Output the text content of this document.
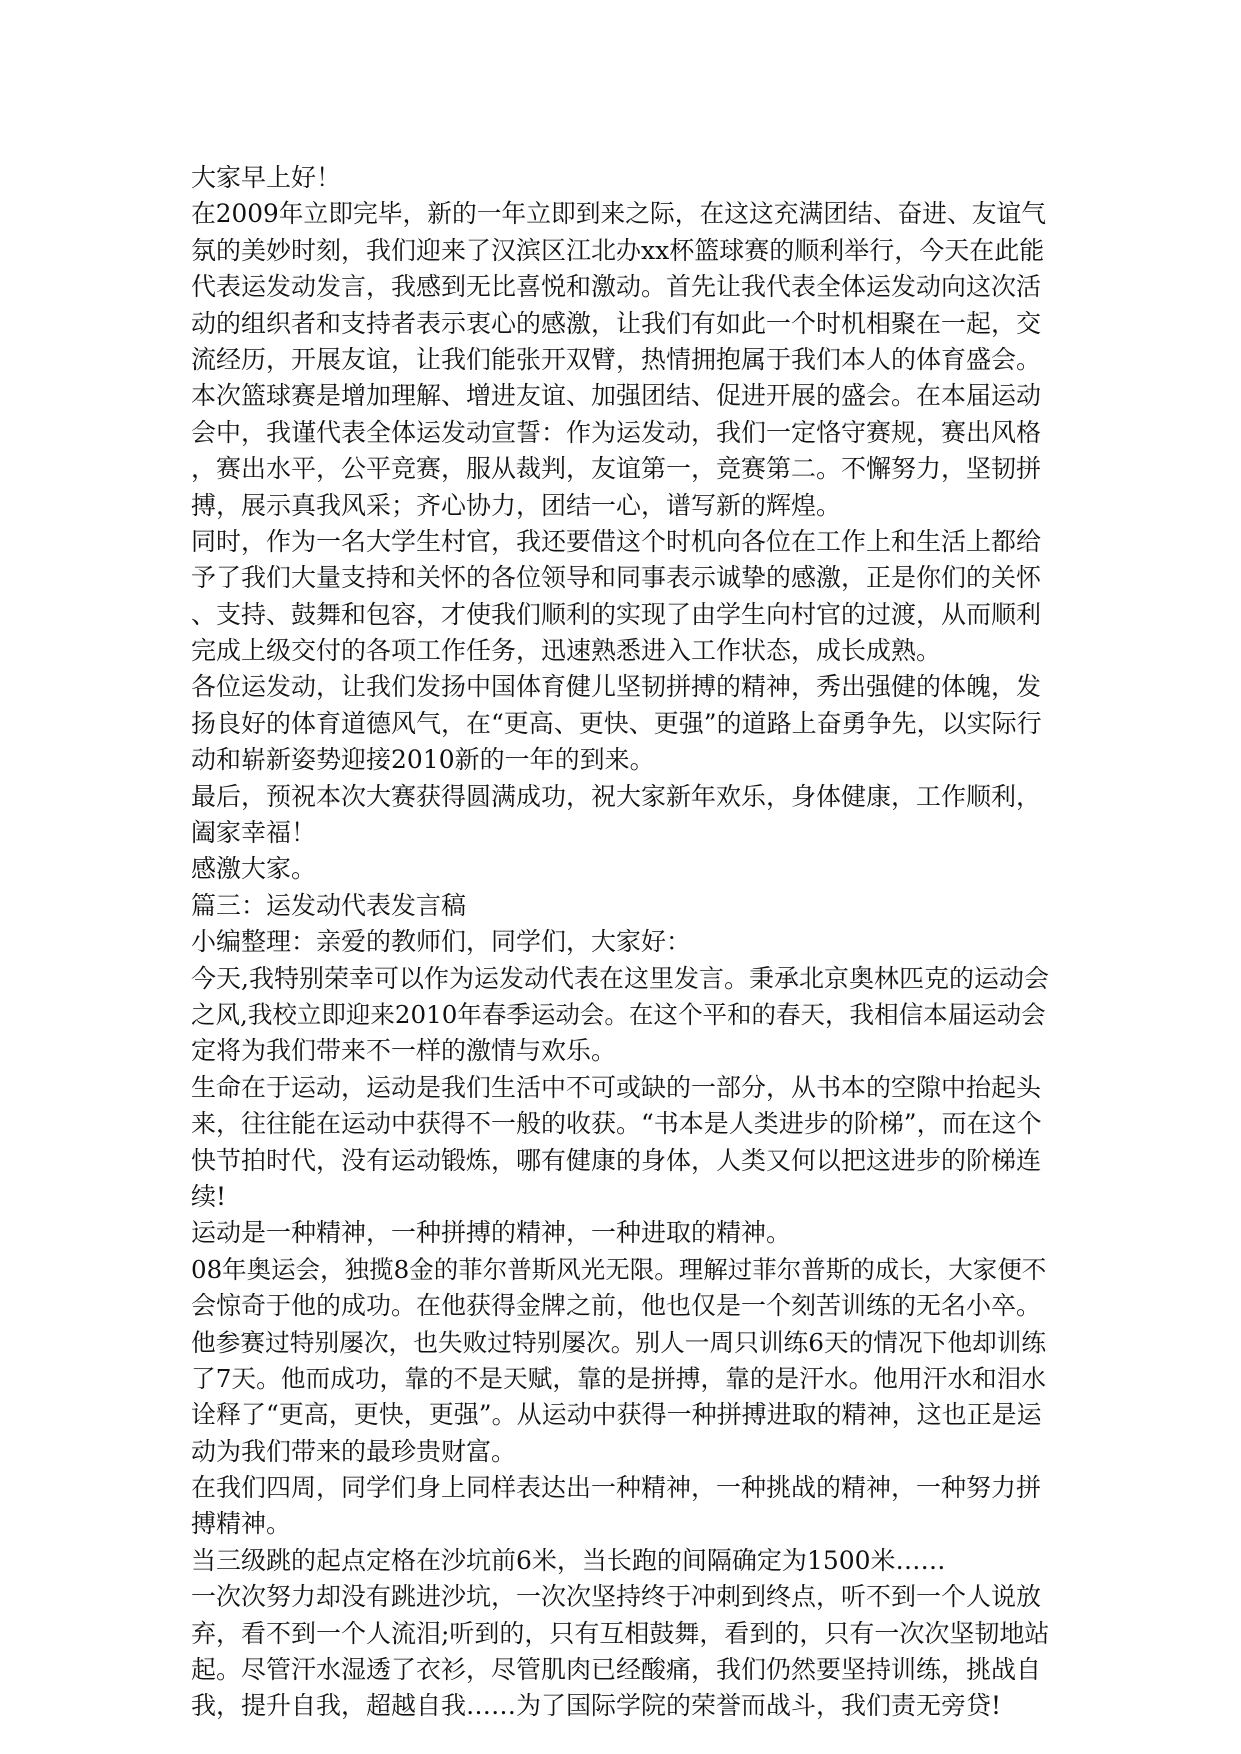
大家早上好！
在2009年立即完毕，新的一年立即到来之际，在这这充满团结、奋进、友谊气
氛的美妙时刻，我们迎来了汉滨区江北办xx杯篮球赛的顺利举行，今天在此能
代表运发动发言，我感到无比喜悦和激动。首先让我代表全体运发动向这次活
动的组织者和支持者表示衷心的感激，让我们有如此一个时机相聚在一起，交
流经历，开展友谊，让我们能张开双臂，热情拥抱属于我们本人的体育盛会。
本次篮球赛是增加理解、增进友谊、加强团结、促进开展的盛会。在本届运动
会中，我谨代表全体运发动宣誓：作为运发动，我们一定恪守赛规，赛出风格
，赛出水平，公平竞赛，服从裁判，友谊第一，竞赛第二。不懈努力，坚韧拼
搏，展示真我风采；齐心协力，团结一心，谱写新的辉煌。
同时，作为一名大学生村官，我还要借这个时机向各位在工作上和生活上都给
予了我们大量支持和关怀的各位领导和同事表示诚挚的感激，正是你们的关怀
、支持、鼓舞和包容，才使我们顺利的实现了由学生向村官的过渡，从而顺利
完成上级交付的各项工作任务，迅速熟悉进入工作状态，成长成熟。
各位运发动，让我们发扬中国体育健儿坚韧拼搏的精神，秀出强健的体魄，发
扬良好的体育道德风气，在“更高、更快、更强”的道路上奋勇争先，以实际行
动和崭新姿势迎接2010新的一年的到来。
最后，预祝本次大赛获得圆满成功，祝大家新年欢乐，身体健康，工作顺利，
阖家幸福！
感激大家。
篇三：运发动代表发言稿
小编整理：亲爱的教师们，同学们，大家好：
今天,我特别荣幸可以作为运发动代表在这里发言。秉承北京奥林匹克的运动会
之风,我校立即迎来2010年春季运动会。在这个平和的春天，我相信本届运动会
定将为我们带来不一样的激情与欢乐。
生命在于运动，运动是我们生活中不可或缺的一部分，从书本的空隙中抬起头
来，往往能在运动中获得不一般的收获。“书本是人类进步的阶梯”，而在这个
快节拍时代，没有运动锻炼，哪有健康的身体，人类又何以把这进步的阶梯连
续!
运动是一种精神，一种拼搏的精神，一种进取的精神。
08年奥运会，独揽8金的菲尔普斯风光无限。理解过菲尔普斯的成长，大家便不
会惊奇于他的成功。在他获得金牌之前，他也仅是一个刻苦训练的无名小卒。
他参赛过特别屡次，也失败过特别屡次。别人一周只训练6天的情况下他却训练
了7天。他而成功，靠的不是天赋，靠的是拼搏，靠的是汗水。他用汗水和泪水
诠释了“更高，更快，更强”。从运动中获得一种拼搏进取的精神，这也正是运
动为我们带来的最珍贵财富。
在我们四周，同学们身上同样表达出一种精神，一种挑战的精神，一种努力拼
搏精神。
当三级跳的起点定格在沙坑前6米，当长跑的间隔确定为1500米……
一次次努力却没有跳进沙坑，一次次坚持终于冲刺到终点，听不到一个人说放
弃，看不到一个人流泪;听到的，只有互相鼓舞，看到的，只有一次次坚韧地站
起。尽管汗水湿透了衣衫，尽管肌肉已经酸痛，我们仍然要坚持训练，挑战自
我，提升自我，超越自我……为了国际学院的荣誉而战斗，我们责无旁贷!
